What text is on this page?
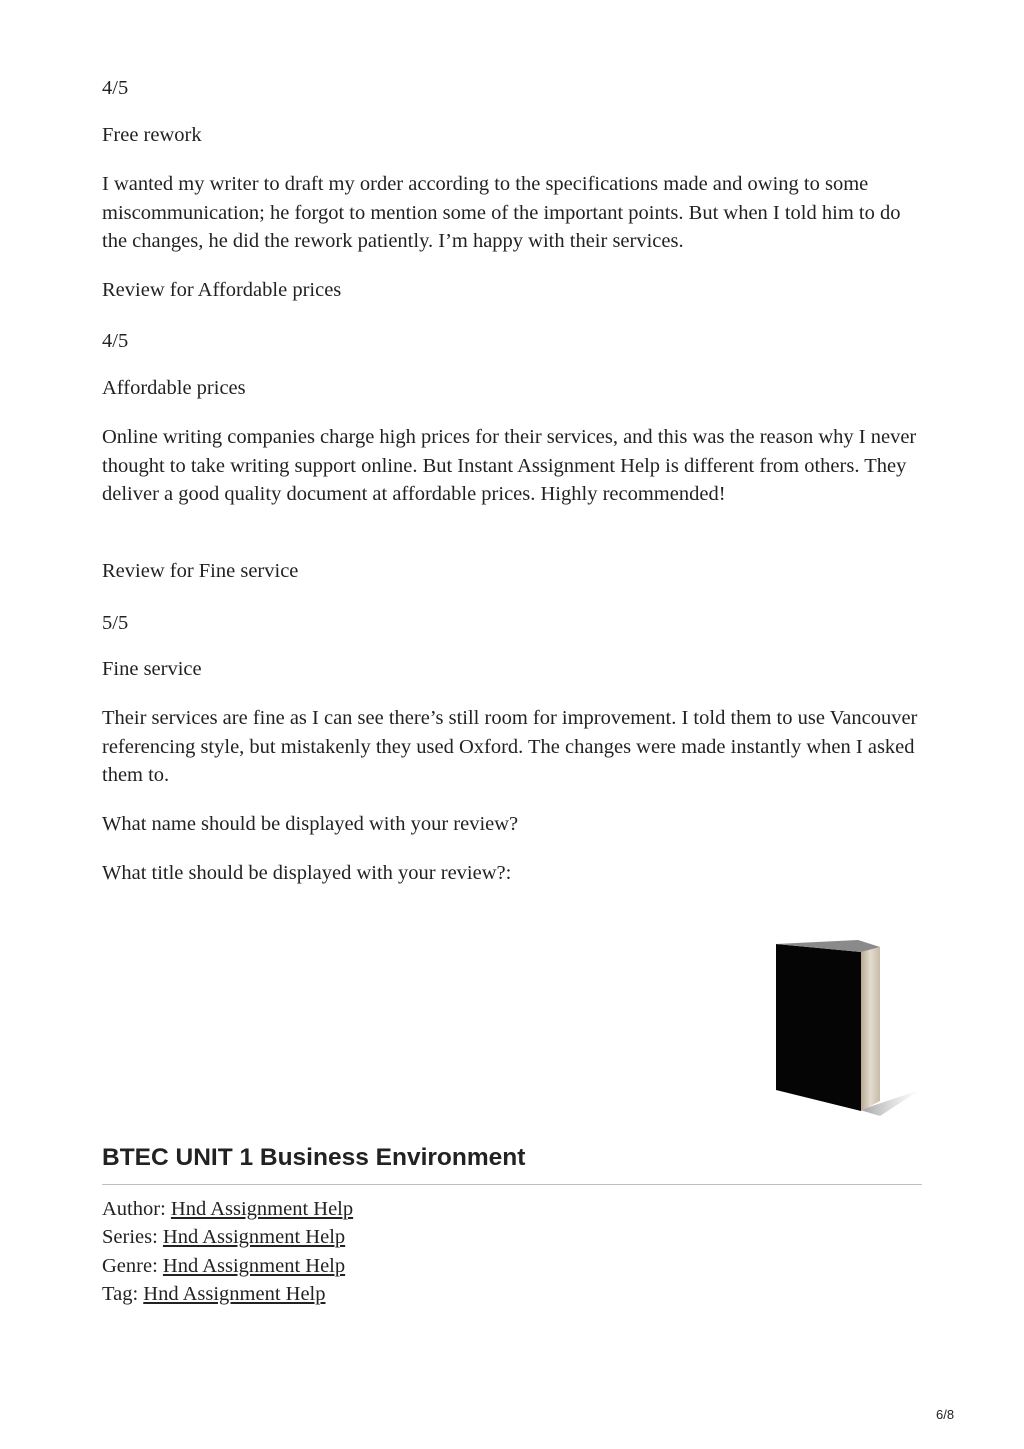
4/5

Free rework

I wanted my writer to draft my order according to the specifications made and owing to some miscommunication; he forgot to mention some of the important points. But when I told him to do the changes, he did the rework patiently. I’m happy with their services.

Review for Affordable prices

4/5

Affordable prices

Online writing companies charge high prices for their services, and this was the reason why I never thought to take writing support online. But Instant Assignment Help is different from others. They deliver a good quality document at affordable prices. Highly recommended!

Review for Fine service

5/5

Fine service

Their services are fine as I can see there’s still room for improvement. I told them to use Vancouver referencing style, but mistakenly they used Oxford. The changes were made instantly when I asked them to.

What name should be displayed with your review?

What title should be displayed with your review?:

BTEC UNIT 1 Business Environment

Author: Hnd Assignment Help

Series: Hnd Assignment Help

Genre: Hnd Assignment Help

Tag: Hnd Assignment Help

6/8
